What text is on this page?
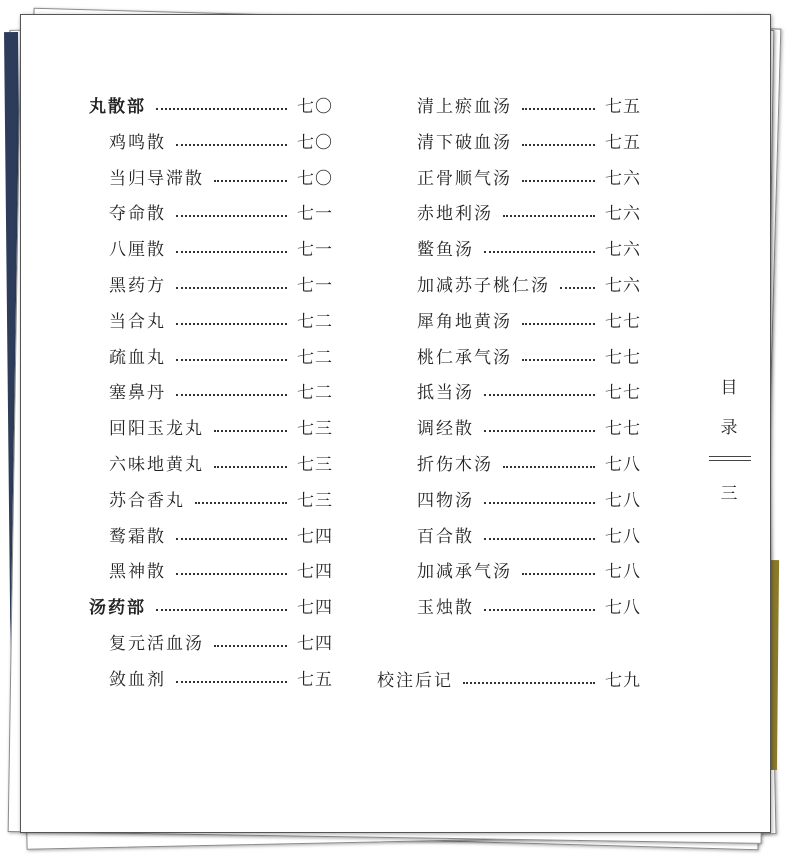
丸散部	七〇
鸡鸣散	七〇
当归导滞散	七〇
夺命散	七一
八厘散	七一
黑药方	七一
当合丸	七二
疏血丸	七二
塞鼻丹	七二
回阳玉龙丸	七三
六味地黄丸	七三
苏合香丸	七三
鹜霜散	七四
黑神散	七四
汤药部	七四
复元活血汤	七四
敛血剂	七五
清上瘀血汤	七五
清下破血汤	七五
正骨顺气汤	七六
赤地利汤	七六
鳖鱼汤	七六
加减苏子桃仁汤	七六
犀角地黄汤	七七
桃仁承气汤	七七
抵当汤	七七
调经散	七七
折伤木汤	七八
四物汤	七八
百合散	七八
加减承气汤	七八
玉烛散	七八
校注后记	七九
目
录
三
